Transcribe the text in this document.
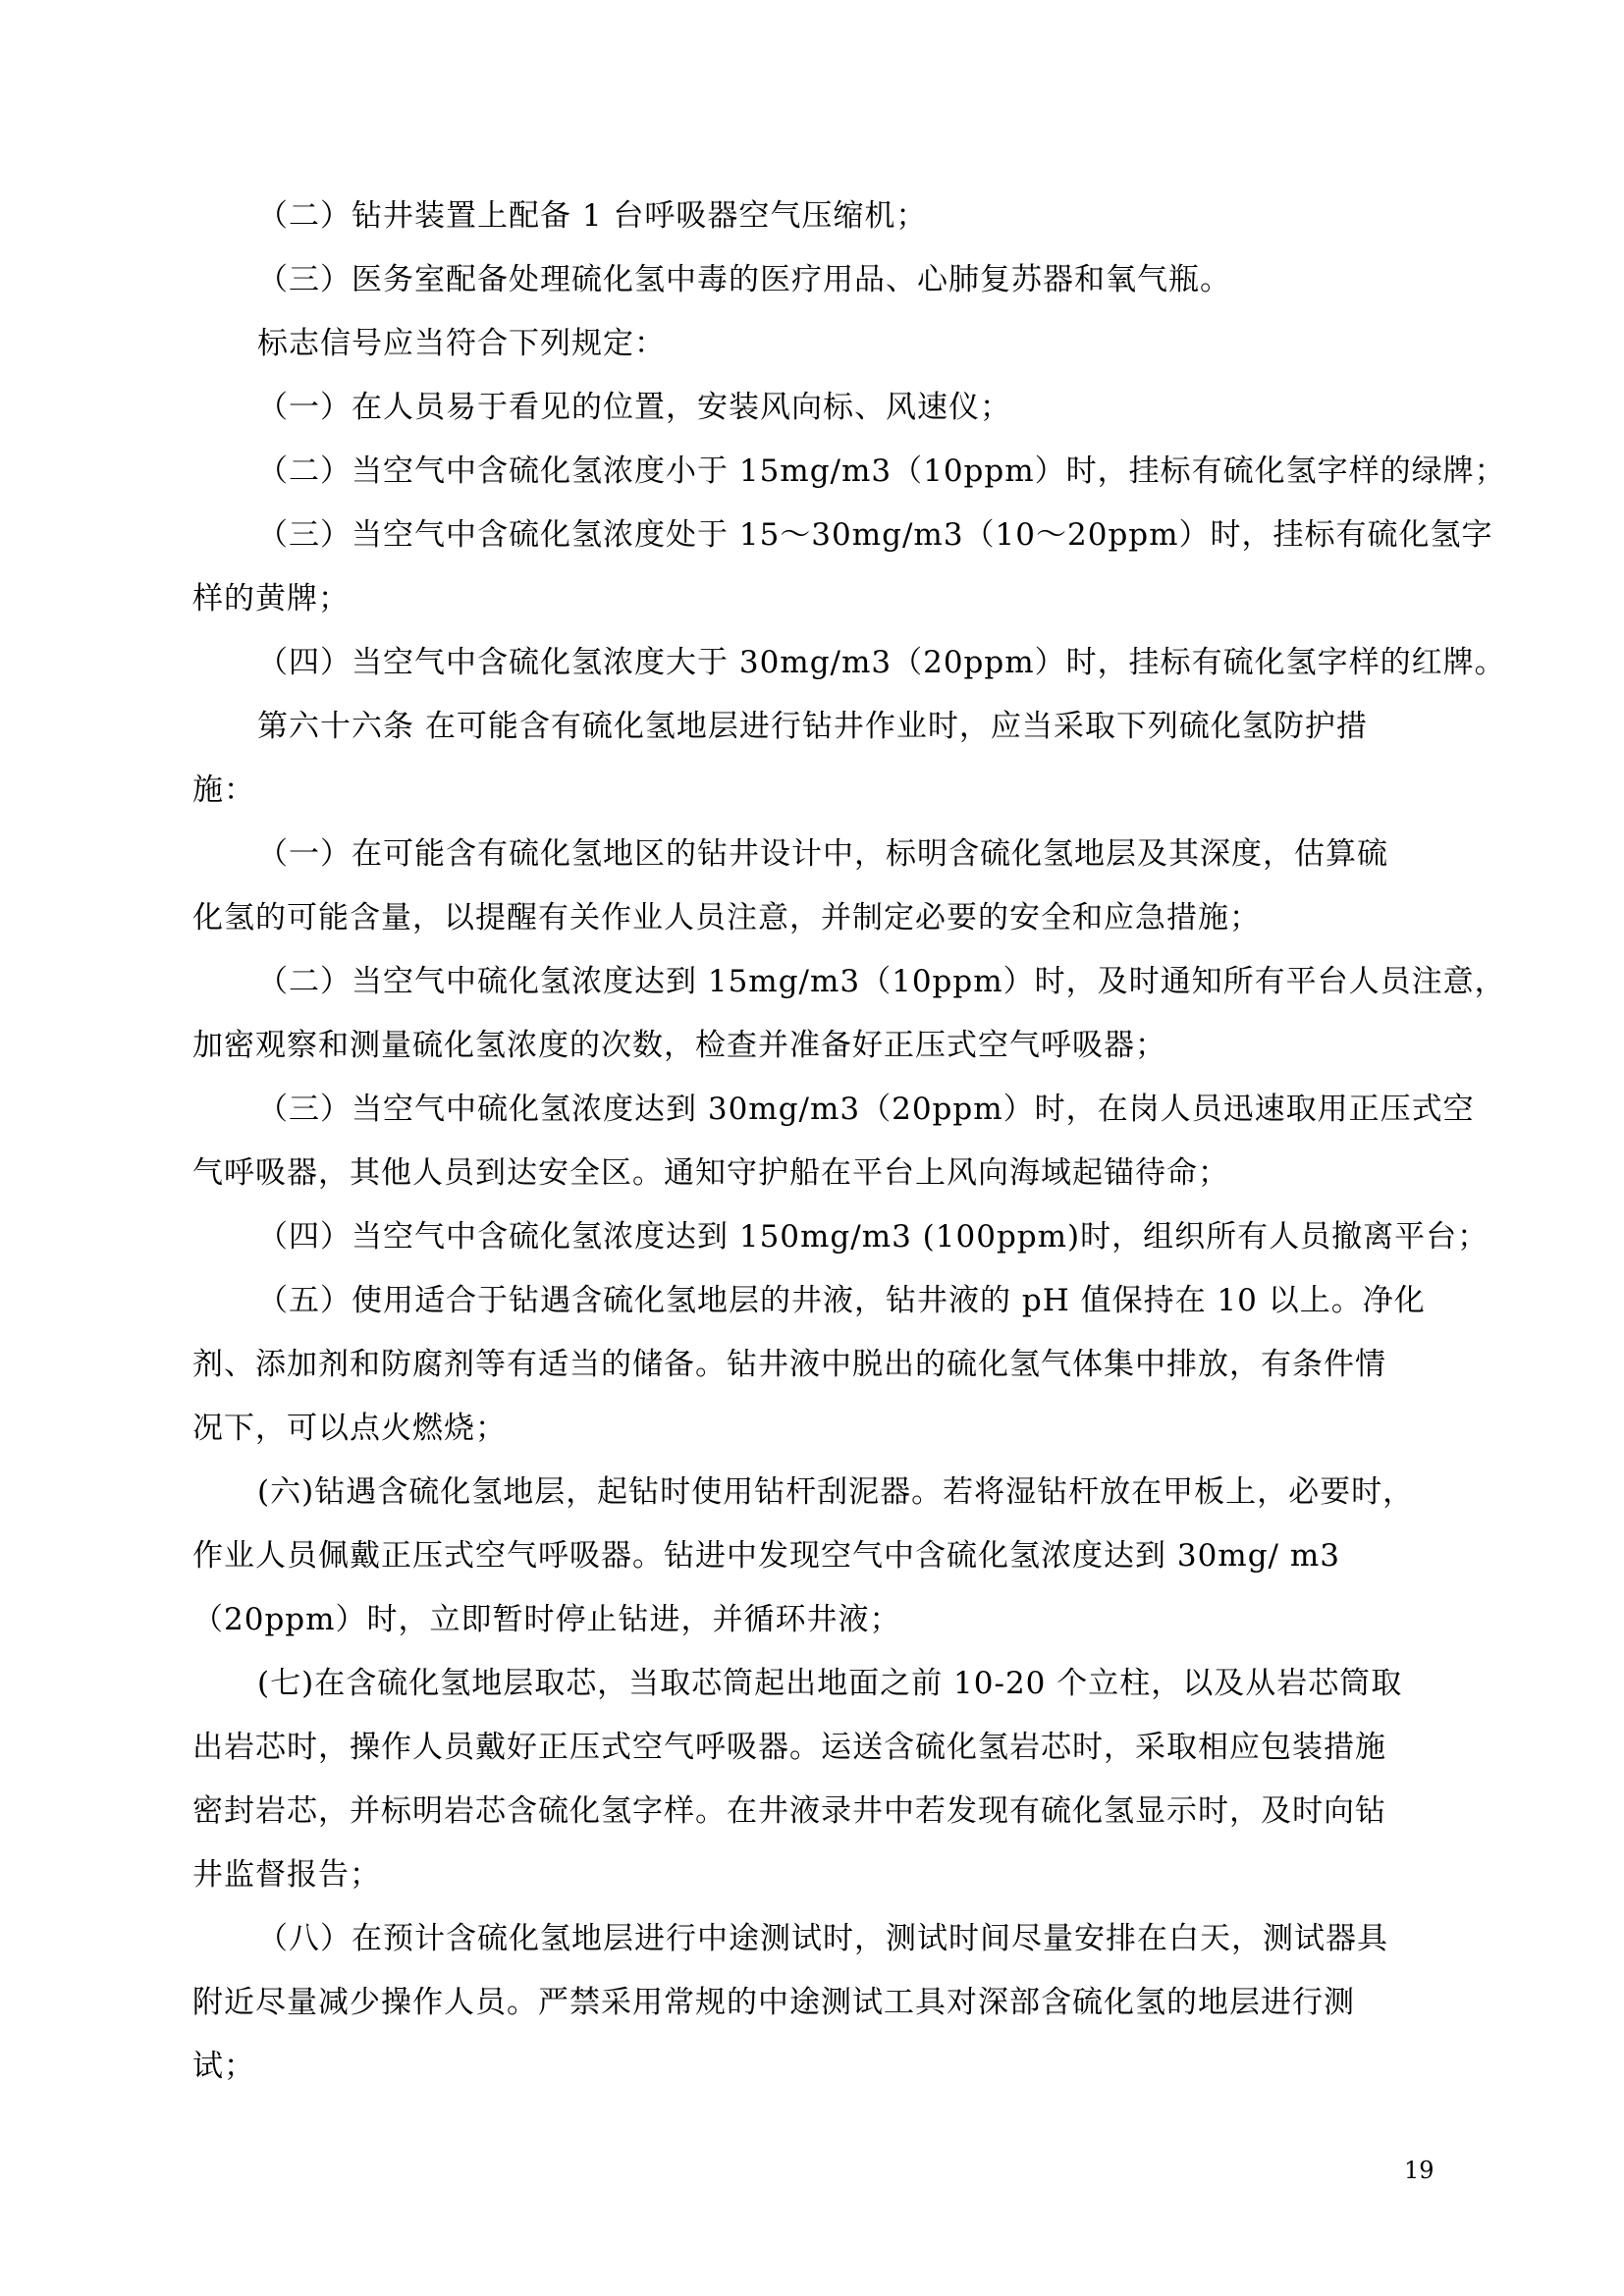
（二）钻井装置上配备 1 台呼吸器空气压缩机；
（三）医务室配备处理硫化氢中毒的医疗用品、心肺复苏器和氧气瓶。
标志信号应当符合下列规定：
（一）在人员易于看见的位置，安装风向标、风速仪；
（二）当空气中含硫化氢浓度小于 15mg/m3（10ppm）时，挂标有硫化氢字样的绿牌；
（三）当空气中含硫化氢浓度处于 15～30mg/m3（10～20ppm）时，挂标有硫化氢字
样的黄牌；
（四）当空气中含硫化氢浓度大于 30mg/m3（20ppm）时，挂标有硫化氢字样的红牌。
第六十六条 在可能含有硫化氢地层进行钻井作业时，应当采取下列硫化氢防护措
施：
（一）在可能含有硫化氢地区的钻井设计中，标明含硫化氢地层及其深度，估算硫
化氢的可能含量，以提醒有关作业人员注意，并制定必要的安全和应急措施；
（二）当空气中硫化氢浓度达到 15mg/m3（10ppm）时，及时通知所有平台人员注意，
加密观察和测量硫化氢浓度的次数，检查并准备好正压式空气呼吸器；
（三）当空气中硫化氢浓度达到 30mg/m3（20ppm）时，在岗人员迅速取用正压式空
气呼吸器，其他人员到达安全区。通知守护船在平台上风向海域起锚待命；
（四）当空气中含硫化氢浓度达到 150mg/m3 (100ppm)时，组织所有人员撤离平台；
（五）使用适合于钻遇含硫化氢地层的井液，钻井液的 pH 值保持在 10 以上。净化
剂、添加剂和防腐剂等有适当的储备。钻井液中脱出的硫化氢气体集中排放，有条件情
况下，可以点火燃烧；
(六)钻遇含硫化氢地层，起钻时使用钻杆刮泥器。若将湿钻杆放在甲板上，必要时，
作业人员佩戴正压式空气呼吸器。钻进中发现空气中含硫化氢浓度达到 30mg/ m3
（20ppm）时，立即暂时停止钻进，并循环井液；
(七)在含硫化氢地层取芯，当取芯筒起出地面之前 10-20 个立柱，以及从岩芯筒取
出岩芯时，操作人员戴好正压式空气呼吸器。运送含硫化氢岩芯时，采取相应包装措施
密封岩芯，并标明岩芯含硫化氢字样。在井液录井中若发现有硫化氢显示时，及时向钻
井监督报告；
（八）在预计含硫化氢地层进行中途测试时，测试时间尽量安排在白天，测试器具
附近尽量减少操作人员。严禁采用常规的中途测试工具对深部含硫化氢的地层进行测
试；
19
